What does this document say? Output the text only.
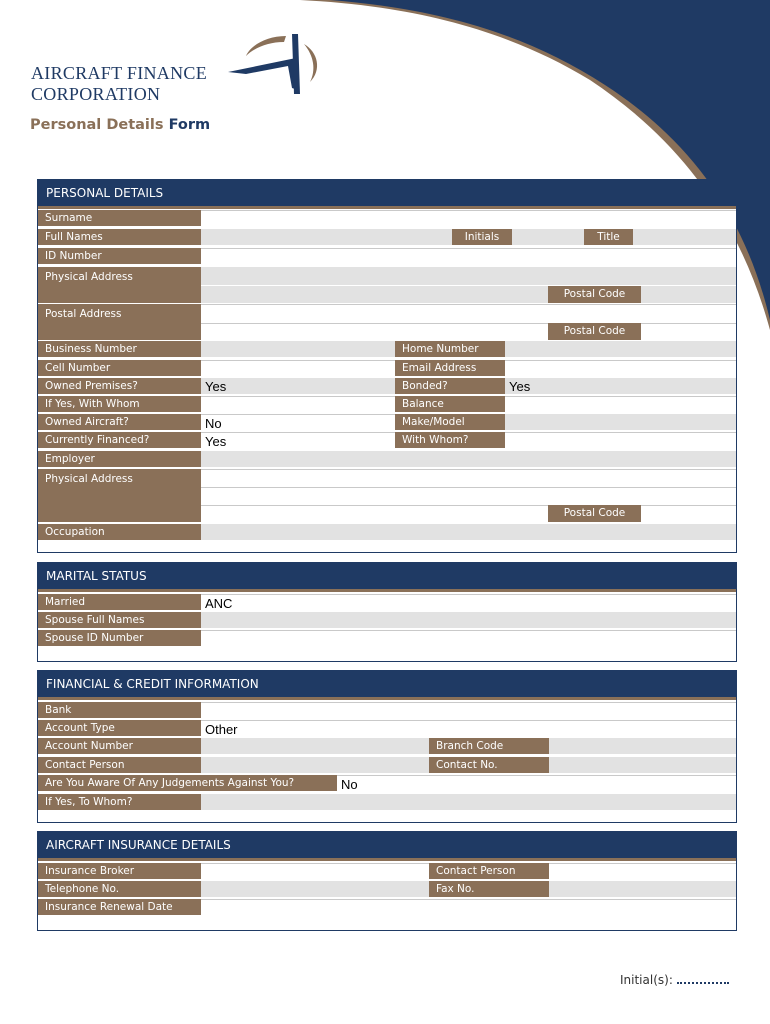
AIRCRAFT FINANCE
CORPORATION
Personal Details Form
PERSONAL DETAILS
Surname
Full Names	Initials	Title
ID Number
Physical Address
Postal Code
Postal Address
Postal Code
Business Number	Home Number
Cell Number	Email Address
Owned Premises?	Yes	Bonded?	Yes
If Yes, With Whom	Balance
Owned Aircraft?	No	Make/Model
Currently Financed?	Yes	With Whom?
Employer
Physical Address
Postal Code
Occupation
MARITAL STATUS
Married	ANC
Spouse Full Names
Spouse ID Number
FINANCIAL & CREDIT INFORMATION
Bank
Account Type	Other
Account Number	Branch Code
Contact Person	Contact No.
Are You Aware Of Any Judgements Against You?	No
If Yes, To Whom?
AIRCRAFT INSURANCE DETAILS
Insurance Broker	Contact Person
Telephone No.	Fax No.
Insurance Renewal Date
Initial(s):
